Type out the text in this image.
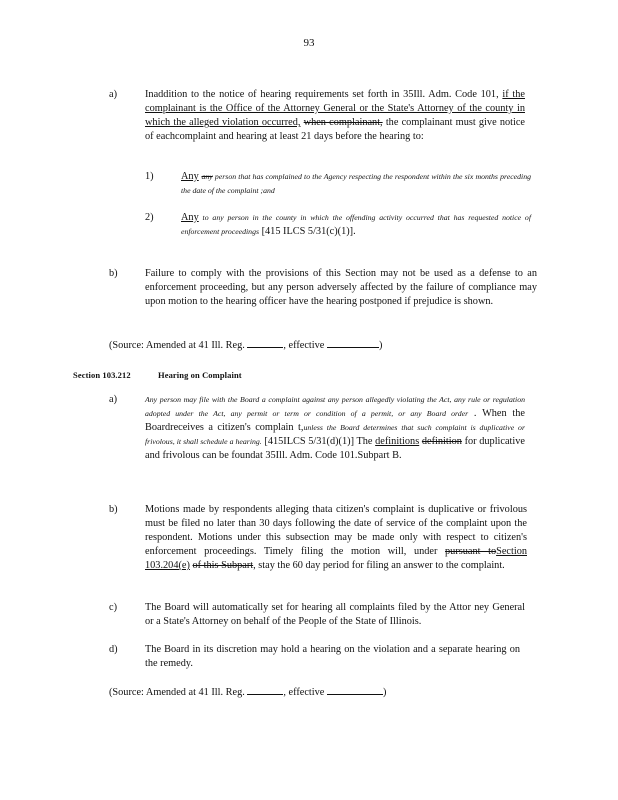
93
a)	Inaddition to the notice of hearing requirements set forth in 35Ill. Adm. Code 101, if the complainant is the Office of the Attorney General or the State's Attorney of the county in which the alleged violation occurred, when complainant, the complainant must give notice of eachcomplaint and hearing at least 21 days before the hearing to:
1)	Any any person that has complained to the Agency respecting the respondent within the six months preceding the date of the complaint ;and
2)	Any to any person in the county in which the offending activity occurred that has requested notice of enforcement proceedings [415 ILCS 5/31(c)(1)].
b)	Failure to comply with the provisions of this Section may not be used as a defense to an enforcement proceeding, but any person adversely affected by the failure of compliance may upon motion to the hearing officer have the hearing postponed if prejudice is shown.
(Source: Amended at 41 Ill. Reg.	, effective	)
Section 103.212	Hearing on Complaint
a)	Any person may file with the Board a complaint against any person allegedly violating the Act, any rule or regulation adopted under the Act, any permit or term or condition of a permit, or any Board order . When the Boardreceives a citizen's complain t,unless the Board determines that such complaint is duplicative or frivolous, it shall schedule a hearing. [415ILCS 5/31(d)(1)] The definitions definition for duplicative and frivolous can be foundat 35Ill. Adm. Code 101.Subpart B.
b)	Motions made by respondents alleging thata citizen's complaint is duplicative or frivolous must be filed no later than 30 days following the date of service of the complaint upon the respondent. Motions under this subsection may be made only with respect to citizen's enforcement proceedings. Timely filing the motion will, under pursuant toSection 103.204(e) of this Subpart, stay the 60 day period for filing an answer to the complaint.
c)	The Board will automatically set for hearing all complaints filed by the Attor ney General or a State's Attorney on behalf of the People of the State of Illinois.
d)	The Board in its discretion may hold a hearing on the violation and a separate hearing on the remedy.
(Source: Amended at 41 Ill. Reg.	, effective	)
